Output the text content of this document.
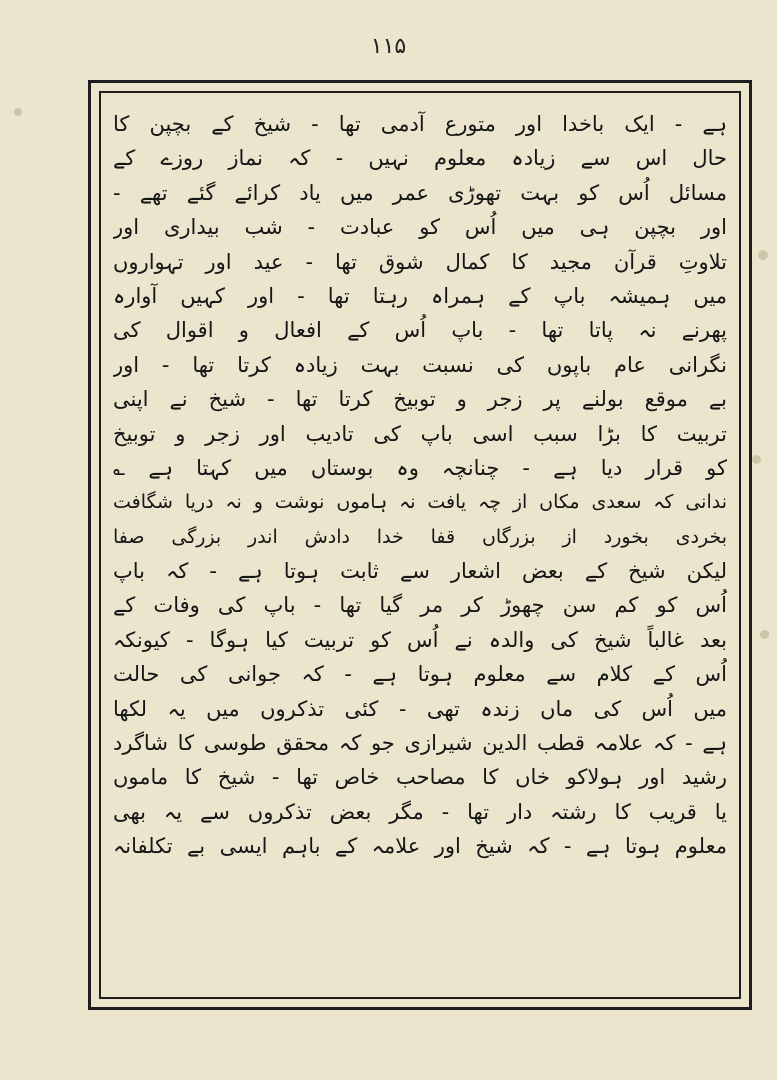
۱۱۵
ہے - ایک باخدا اور متورع آدمی تھا - شیخ کے بچپن کا
حال اس سے زیادہ معلوم نہیں - کہ نماز روزے کے
مسائل اُس کو بہت تھوڑی عمر میں یاد کرائے گئے تھے -
اور بچپن ہی میں اُس کو عبادت - شب بیداری اور
تلاوتِ قرآن مجید کا کمال شوق تھا - عید اور تہواروں
میں ہمیشہ باپ کے ہمراہ رہتا تھا - اور کہیں آوارہ
پھرنے نہ پاتا تھا - باپ اُس کے افعال و اقوال کی
نگرانی عام باپوں کی نسبت بہت زیادہ کرتا تھا - اور
بے موقع بولنے پر زجر و توبیخ کرتا تھا - شیخ نے اپنی
تربیت کا بڑا سبب اسی باپ کی تادیب اور زجر و توبیخ
کو قرار دیا ہے - چنانچہ وہ بوستاں میں کہتا ہے ؎
ندانی کہ سعدی مکاں از چہ یافت نہ ہاموں نوشت و نہ دریا شگافت
بخردی بخورد از بزرگاں قفا خدا دادش اندر بزرگی صفا
لیکن شیخ کے بعض اشعار سے ثابت ہوتا ہے - کہ باپ
اُس کو کم سن چھوڑ کر مر گیا تھا - باپ کی وفات کے
بعد غالباً شیخ کی والدہ نے اُس کو تربیت کیا ہوگا - کیونکہ
اُس کے کلام سے معلوم ہوتا ہے - کہ جوانی کی حالت
میں اُس کی ماں زندہ تھی - کئی تذکروں میں یہ لکھا
ہے - کہ علامہ قطب الدین شیرازی جو کہ محقق طوسی کا شاگرد
رشید اور ہولاکو خاں کا مصاحب خاص تھا - شیخ کا ماموں
یا قریب کا رشتہ دار تھا - مگر بعض تذکروں سے یہ بھی
معلوم ہوتا ہے - کہ شیخ اور علامہ کے باہم ایسی بے تکلفانہ
